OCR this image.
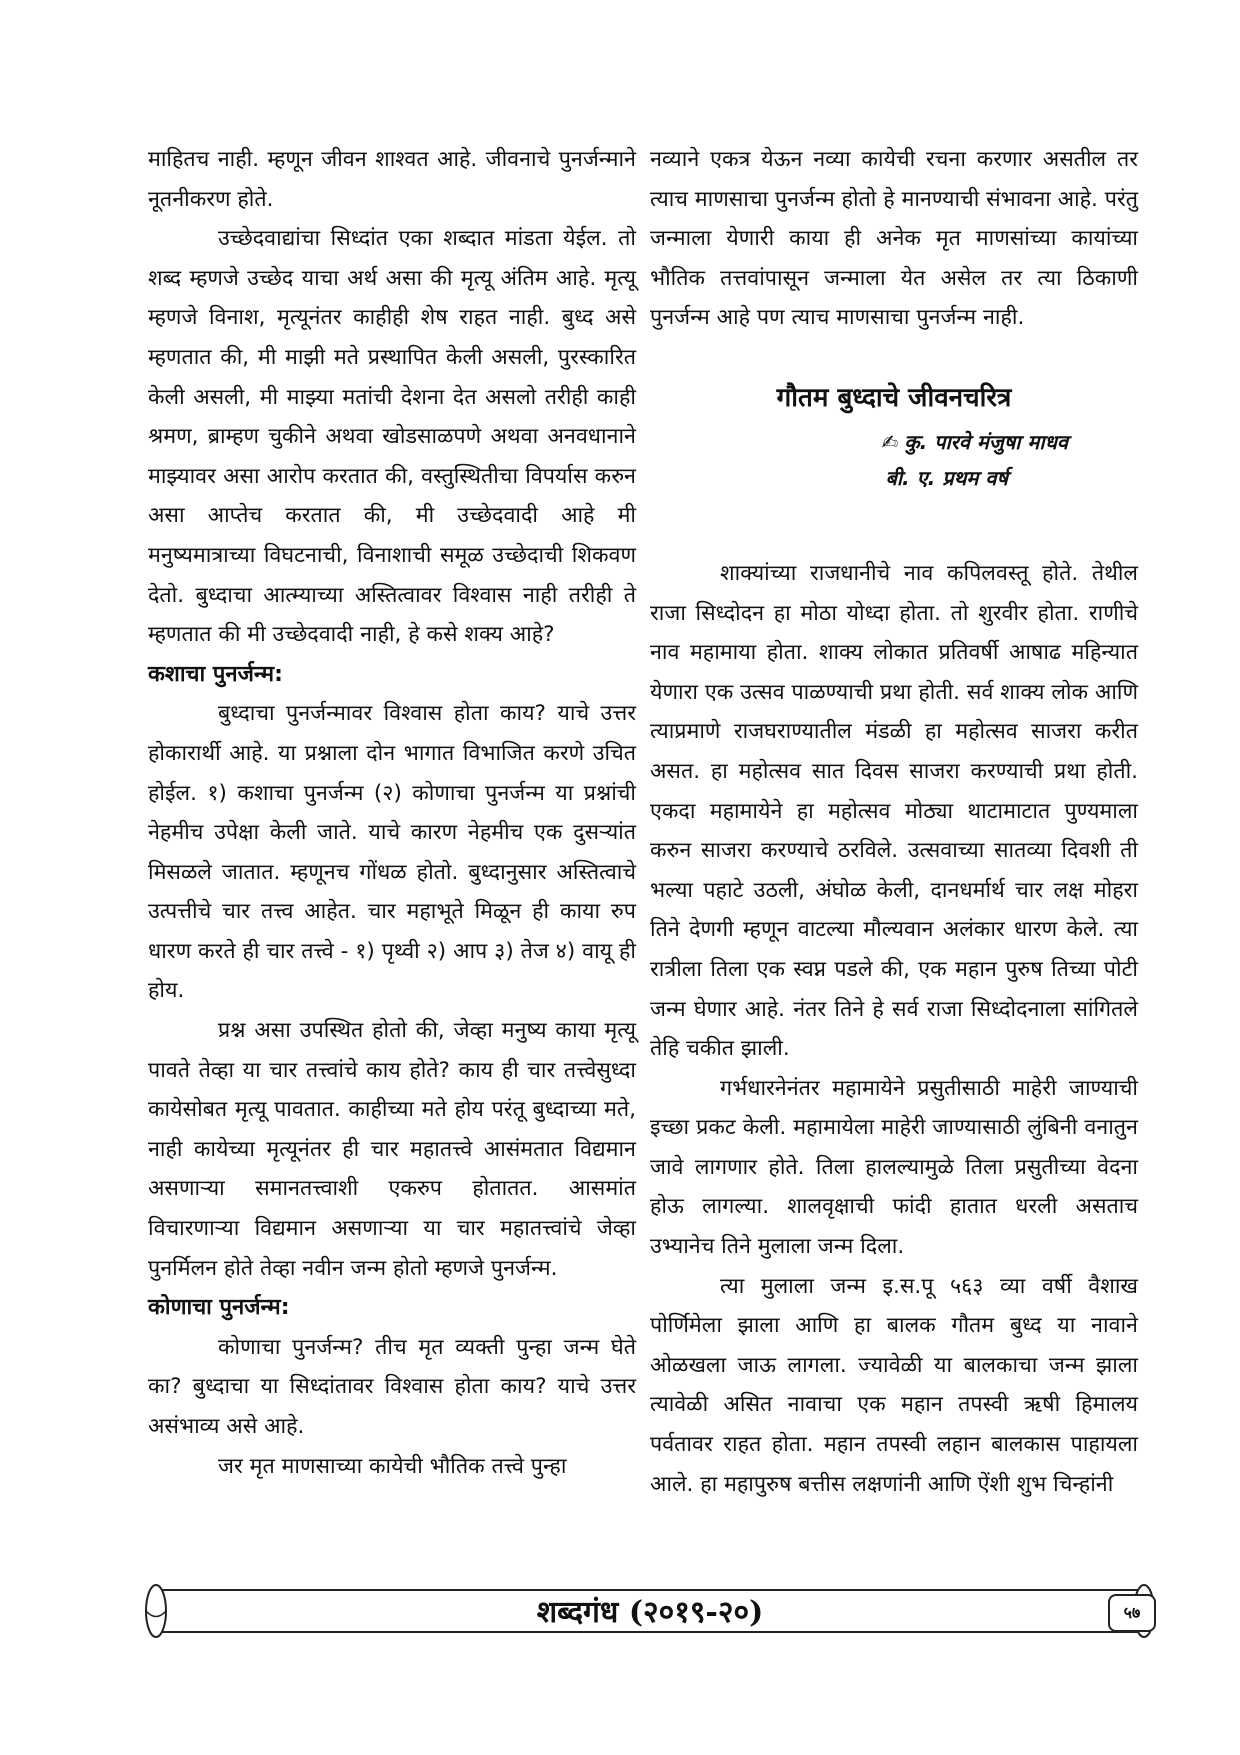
माहितच नाही. म्हणून जीवन शाश्वत आहे. जीवनाचे पुनर्जन्माने नूतनीकरण होते.

उच्छेदवाद्यांचा सिध्दांत एका शब्दात मांडता येईल. तो शब्द म्हणजे उच्छेद याचा अर्थ असा की मृत्यू अंतिम आहे. मृत्यू म्हणजे विनाश, मृत्यूनंतर काहीही शेष राहत नाही. बुध्द असे म्हणतात की, मी माझी मते प्रस्थापित केली असली, पुरस्कारित केली असली, मी माझ्या मतांची देशना देत असलो तरीही काही श्रमण, ब्राम्हण चुकीने अथवा खोडसाळपणे अथवा अनवधानाने माझ्यावर असा आरोप करतात की, वस्तुस्थितीचा विपर्यास करुन असा आप्तेच करतात की, मी उच्छेदवादी आहे मी मनुष्यमात्राच्या विघटनाची, विनाशाची समूळ उच्छेदाची शिकवण देतो. बुध्दाचा आत्म्याच्या अस्तित्वावर विश्वास नाही तरीही ते म्हणतात की मी उच्छेदवादी नाही, हे कसे शक्य आहे?

कशाचा पुनर्जन्म:

बुध्दाचा पुनर्जन्मावर विश्वास होता काय? याचे उत्तर होकारार्थी आहे. या प्रश्नाला दोन भागात विभाजित करणे उचित होईल. १) कशाचा पुनर्जन्म (२) कोणाचा पुनर्जन्म या प्रश्नांची नेहमीच उपेक्षा केली जाते. याचे कारण नेहमीच एक दुसऱ्यांत मिसळले जातात. म्हणूनच गोंधळ होतो. बुध्दानुसार अस्तित्वाचे उत्पत्तीचे चार तत्त्व आहेत. चार महाभूते मिळून ही काया रुप धारण करते ही चार तत्त्वे - १) पृथ्वी २) आप ३) तेज ४) वायू ही होय.

प्रश्न असा उपस्थित होतो की, जेव्हा मनुष्य काया मृत्यू पावते तेव्हा या चार तत्त्वांचे काय होते? काय ही चार तत्त्वेसुध्दा कायेसोबत मृत्यू पावतात. काहीच्या मते होय परंतू बुध्दाच्या मते, नाही कायेच्या मृत्यूनंतर ही चार महातत्त्वे आसंमतात विद्यमान असणाऱ्या समानतत्त्वाशी एकरुप होतातत. आसमांत विचारणाऱ्या विद्यमान असणाऱ्या या चार महातत्त्वांचे जेव्हा पुनर्मिलन होते तेव्हा नवीन जन्म होतो म्हणजे पुनर्जन्म.

कोणाचा पुनर्जन्म:

कोणाचा पुनर्जन्म? तीच मृत व्यक्ती पुन्हा जन्म घेते का? बुध्दाचा या सिध्दांतावर विश्वास होता काय? याचे उत्तर असंभाव्य असे आहे.

जर मृत माणसाच्या कायेची भौतिक तत्त्वे पुन्हा

नव्याने एकत्र येऊन नव्या कायेची रचना करणार असतील तर त्याच माणसाचा पुनर्जन्म होतो हे मानण्याची संभावना आहे. परंतु जन्माला येणारी काया ही अनेक मृत माणसांच्या कायांच्या भौतिक तत्तवांपासून जन्माला येत असेल तर त्या ठिकाणी पुनर्जन्म आहे पण त्याच माणसाचा पुनर्जन्म नाही.

गौतम बुध्दाचे जीवनचरित्र
✍ कु. पारवे मंजुषा माधव
बी. ए. प्रथम वर्ष

शाक्यांच्या राजधानीचे नाव कपिलवस्तू होते. तेथील राजा सिध्दोदन हा मोठा योध्दा होता. तो शुरवीर होता. राणीचे नाव महामाया होता. शाक्य लोकात प्रतिवर्षी आषाढ महिन्यात येणारा एक उत्सव पाळण्याची प्रथा होती. सर्व शाक्य लोक आणि त्याप्रमाणे राजघराण्यातील मंडळी हा महोत्सव साजरा करीत असत. हा महोत्सव सात दिवस साजरा करण्याची प्रथा होती. एकदा महामायेने हा महोत्सव मोठ्या थाटामाटात पुण्यमाला करुन साजरा करण्याचे ठरविले. उत्सवाच्या सातव्या दिवशी ती भल्या पहाटे उठली, अंघोळ केली, दानधर्मार्थ चार लक्ष मोहरा तिने देणगी म्हणून वाटल्या मौल्यवान अलंकार धारण केले. त्या रात्रीला तिला एक स्वप्न पडले की, एक महान पुरुष तिच्या पोटी जन्म घेणार आहे. नंतर तिने हे सर्व राजा सिध्दोदनाला सांगितले तेहि चकीत झाली.

गर्भधारनेनंतर महामायेने प्रसुतीसाठी माहेरी जाण्याची इच्छा प्रकट केली. महामायेला माहेरी जाण्यासाठी लुंबिनी वनातुन जावे लागणार होते. तिला हालल्यामुळे तिला प्रसुतीच्या वेदना होऊ लागल्या. शालवृक्षाची फांदी हातात धरली असताच उभ्यानेच तिने मुलाला जन्म दिला.

त्या मुलाला जन्म इ.स.पू ५६३ व्या वर्षी वैशाख पोर्णिमेला झाला आणि हा बालक गौतम बुध्द या नावाने ओळखला जाऊ लागला. ज्यावेळी या बालकाचा जन्म झाला त्यावेळी असित नावाचा एक महान तपस्वी ऋषी हिमालय पर्वतावर राहत होता. महान तपस्वी लहान बालकास पाहायला आले. हा महापुरुष बत्तीस लक्षणांनी आणि ऐंशी शुभ चिन्हांनी

शब्दगंध (२०१९-२०)	५७
